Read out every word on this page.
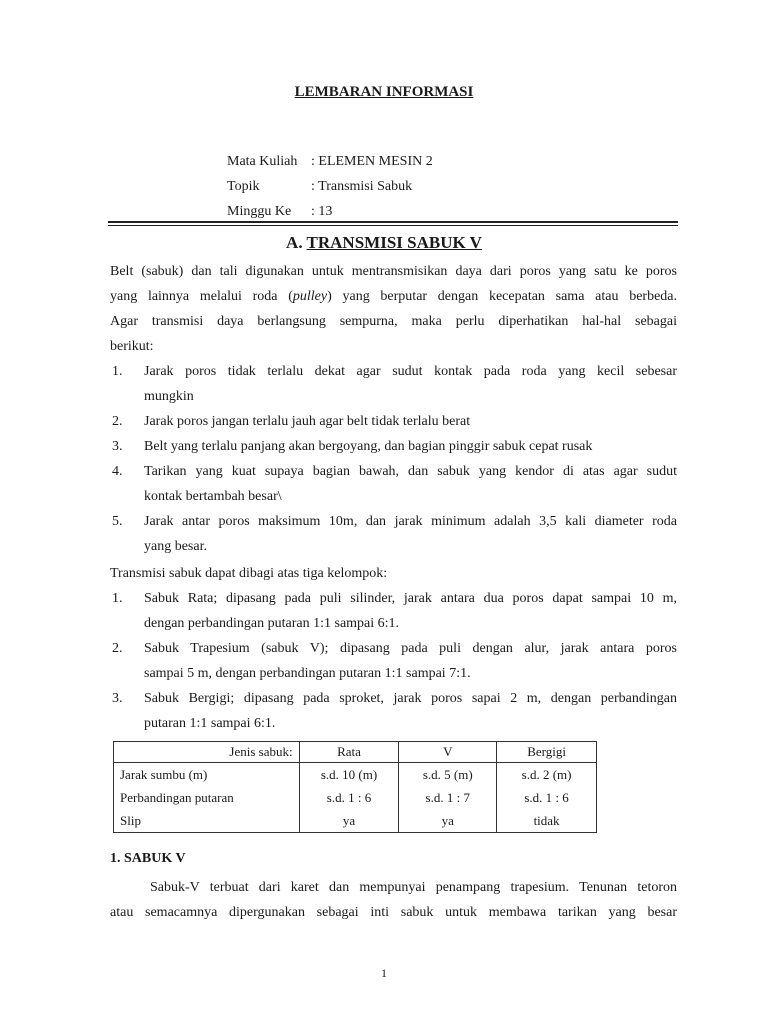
LEMBARAN INFORMASI
Mata Kuliah : ELEMEN MESIN 2
Topik	: Transmisi Sabuk
Minggu Ke : 13
A. TRANSMISI SABUK V

Belt (sabuk) dan tali digunakan untuk mentransmisikan daya dari poros yang satu ke poros

yang lainnya melalui roda (pulley) yang berputar dengan kecepatan sama atau berbeda.

Agar transmisi daya berlangsung sempurna, maka perlu diperhatikan hal-hal sebagai

berikut:

1. Jarak poros tidak terlalu dekat agar sudut kontak pada roda yang kecil sebesar
mungkin
2. Jarak poros jangan terlalu jauh agar belt tidak terlalu berat
3. Belt yang terlalu panjang akan bergoyang, dan bagian pinggir sabuk cepat rusak
4. Tarikan yang kuat supaya bagian bawah, dan sabuk yang kendor di atas agar sudut
kontak bertambah besar\
5. Jarak antar poros maksimum 10m, dan jarak minimum adalah 3,5 kali diameter roda
yang besar.
Transmisi sabuk dapat dibagi atas tiga kelompok:
1. Sabuk Rata; dipasang pada puli silinder, jarak antara dua poros dapat sampai 10 m,
dengan perbandingan putaran 1:1 sampai 6:1.
2. Sabuk Trapesium (sabuk V); dipasang pada puli dengan alur, jarak antara poros
sampai 5 m, dengan perbandingan putaran 1:1 sampai 7:1.
3. Sabuk Bergigi; dipasang pada sproket, jarak poros sapai 2 m, dengan perbandingan
putaran 1:1 sampai 6:1.
Jenis sabuk:	Rata	V	Bergigi
Jarak sumbu (m)	s.d. 10 (m)	s.d. 5 (m)	s.d. 2 (m)
Perbandingan putaran	s.d. 1 : 6	s.d. 1 : 7	s.d. 1 : 6
Slip	ya	ya	tidak
1. SABUK V

Sabuk-V terbuat dari karet dan mempunyai penampang trapesium. Tenunan tetoron

atau semacamnya dipergunakan sebagai inti sabuk untuk membawa tarikan yang besar

1
